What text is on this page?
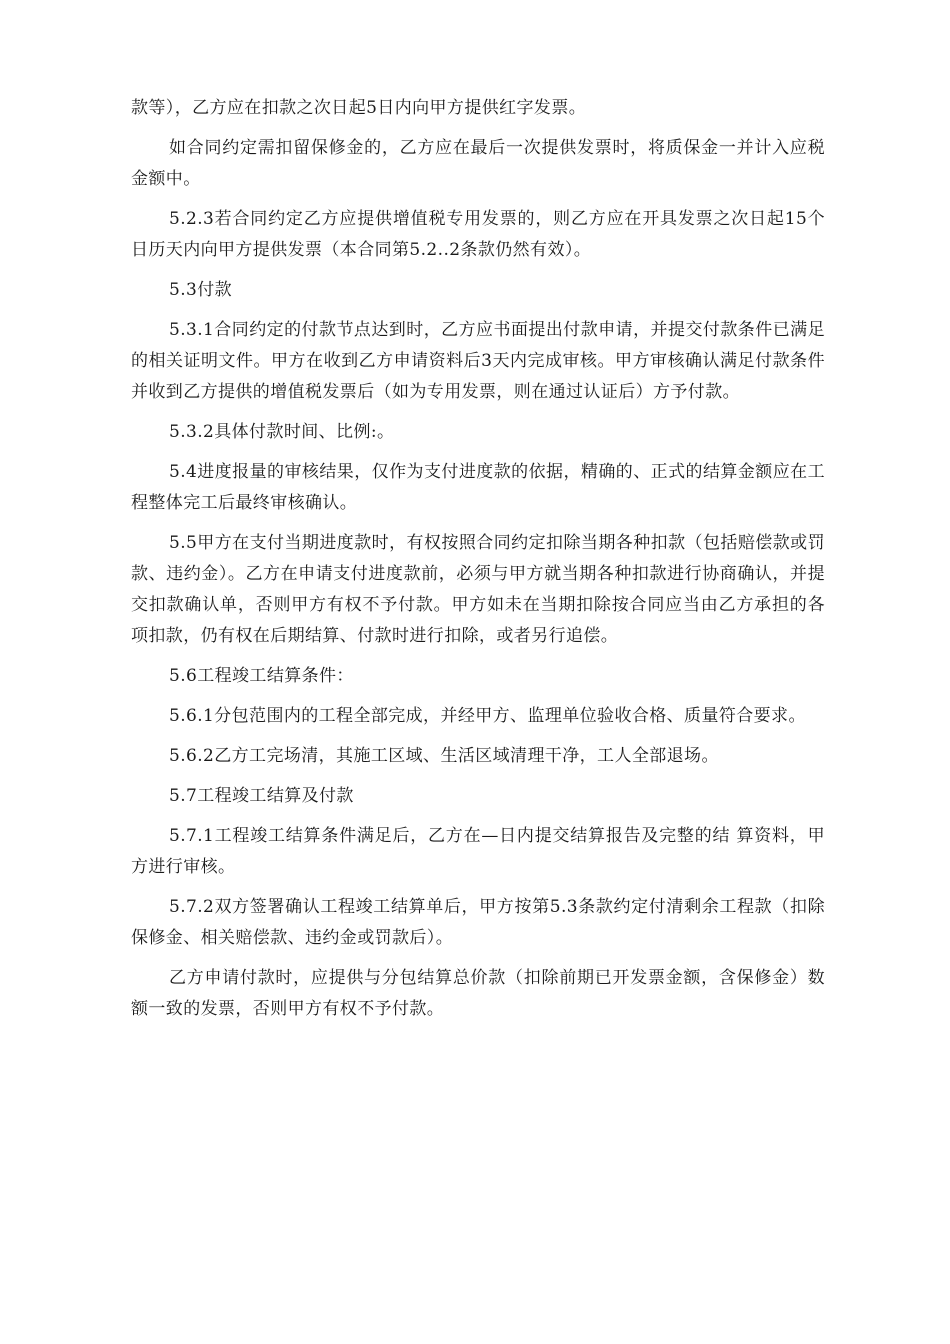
款等），乙方应在扣款之次日起5日内向甲方提供红字发票。

如合同约定需扣留保修金的，乙方应在最后一次提供发票时，将质保金一并计入应税金额中。

5.2.3若合同约定乙方应提供增值税专用发票的，则乙方应在开具发票之次日起15个日历天内向甲方提供发票（本合同第5.2..2条款仍然有效）。

5.3付款

5.3.1合同约定的付款节点达到时，乙方应书面提出付款申请，并提交付款条件已满足的相关证明文件。甲方在收到乙方申请资料后3天内完成审核。甲方审核确认满足付款条件并收到乙方提供的增值税发票后（如为专用发票，则在通过认证后）方予付款。

5.3.2具体付款时间、比例:。

5.4进度报量的审核结果，仅作为支付进度款的依据，精确的、正式的结算金额应在工程整体完工后最终审核确认。

5.5甲方在支付当期进度款时，有权按照合同约定扣除当期各种扣款（包括赔偿款或罚款、违约金）。乙方在申请支付进度款前，必须与甲方就当期各种扣款进行协商确认，并提交扣款确认单，否则甲方有权不予付款。甲方如未在当期扣除按合同应当由乙方承担的各项扣款，仍有权在后期结算、付款时进行扣除，或者另行追偿。

5.6工程竣工结算条件：

5.6.1分包范围内的工程全部完成，并经甲方、监理单位验收合格、质量符合要求。

5.6.2乙方工完场清，其施工区域、生活区域清理干净，工人全部退场。

5.7工程竣工结算及付款

5.7.1工程竣工结算条件满足后，乙方在—日内提交结算报告及完整的结 算资料，甲方进行审核。

5.7.2双方签署确认工程竣工结算单后，甲方按第5.3条款约定付清剩余工程款（扣除保修金、相关赔偿款、违约金或罚款后）。

乙方申请付款时，应提供与分包结算总价款（扣除前期已开发票金额，含保修金）数额一致的发票，否则甲方有权不予付款。
